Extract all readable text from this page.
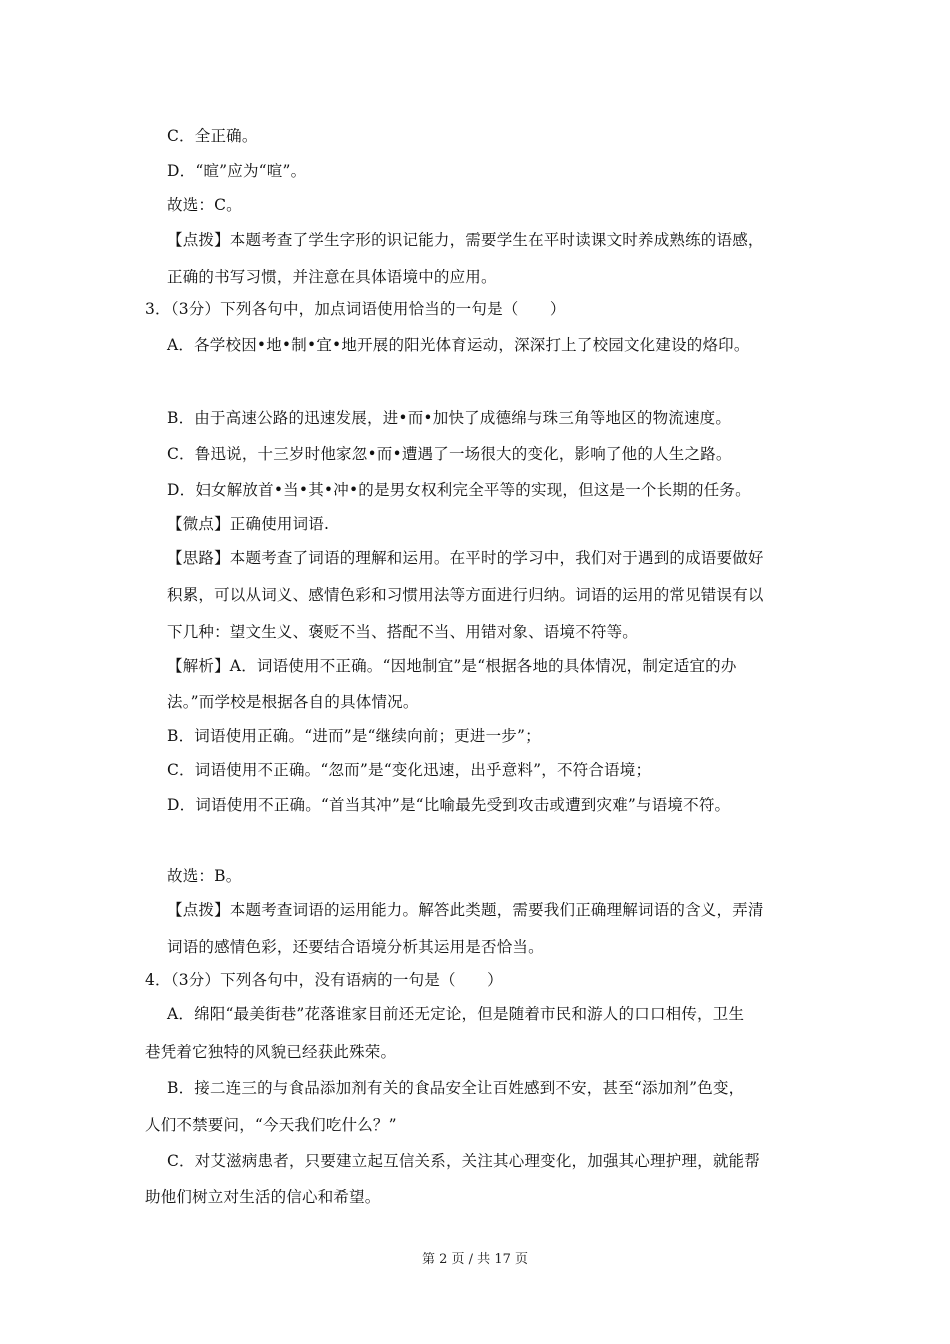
C．全正确。
D．“暄”应为“喧”。
故选：C。
【点拨】本题考查了学生字形的识记能力，需要学生在平时读课文时养成熟练的语感，
正确的书写习惯，并注意在具体语境中的应用。
3．（3分）下列各句中，加点词语使用恰当的一句是（　　）
A．各学校因•地•制•宜•地开展的阳光体育运动，深深打上了校园文化建设的烙印。
B．由于高速公路的迅速发展，进•而•加快了成德绵与珠三角等地区的物流速度。
C．鲁迅说，十三岁时他家忽•而•遭遇了一场很大的变化，影响了他的人生之路。
D．妇女解放首•当•其•冲•的是男女权利完全平等的实现，但这是一个长期的任务。
【微点】正确使用词语.
【思路】本题考查了词语的理解和运用。在平时的学习中，我们对于遇到的成语要做好
积累，可以从词义、感情色彩和习惯用法等方面进行归纳。词语的运用的常见错误有以
下几种：望文生义、褒贬不当、搭配不当、用错对象、语境不符等。
【解析】A．词语使用不正确。“因地制宜”是“根据各地的具体情况，制定适宜的办
法。”而学校是根据各自的具体情况。
B．词语使用正确。“进而”是“继续向前；更进一步”；
C．词语使用不正确。“忽而”是“变化迅速，出乎意料”，不符合语境；
D．词语使用不正确。“首当其冲”是“比喻最先受到攻击或遭到灾难”与语境不符。
故选：B。
【点拨】本题考查词语的运用能力。解答此类题，需要我们正确理解词语的含义，弄清
词语的感情色彩，还要结合语境分析其运用是否恰当。
4．（3分）下列各句中，没有语病的一句是（　　）
A．绵阳“最美街巷”花落谁家目前还无定论，但是随着市民和游人的口口相传，卫生
巷凭着它独特的风貌已经获此殊荣。
B．接二连三的与食品添加剂有关的食品安全让百姓感到不安，甚至“添加剂”色变，
人们不禁要问，“今天我们吃什么？”
C．对艾滋病患者，只要建立起互信关系，关注其心理变化，加强其心理护理，就能帮
助他们树立对生活的信心和希望。
第 2 页 / 共 17 页
